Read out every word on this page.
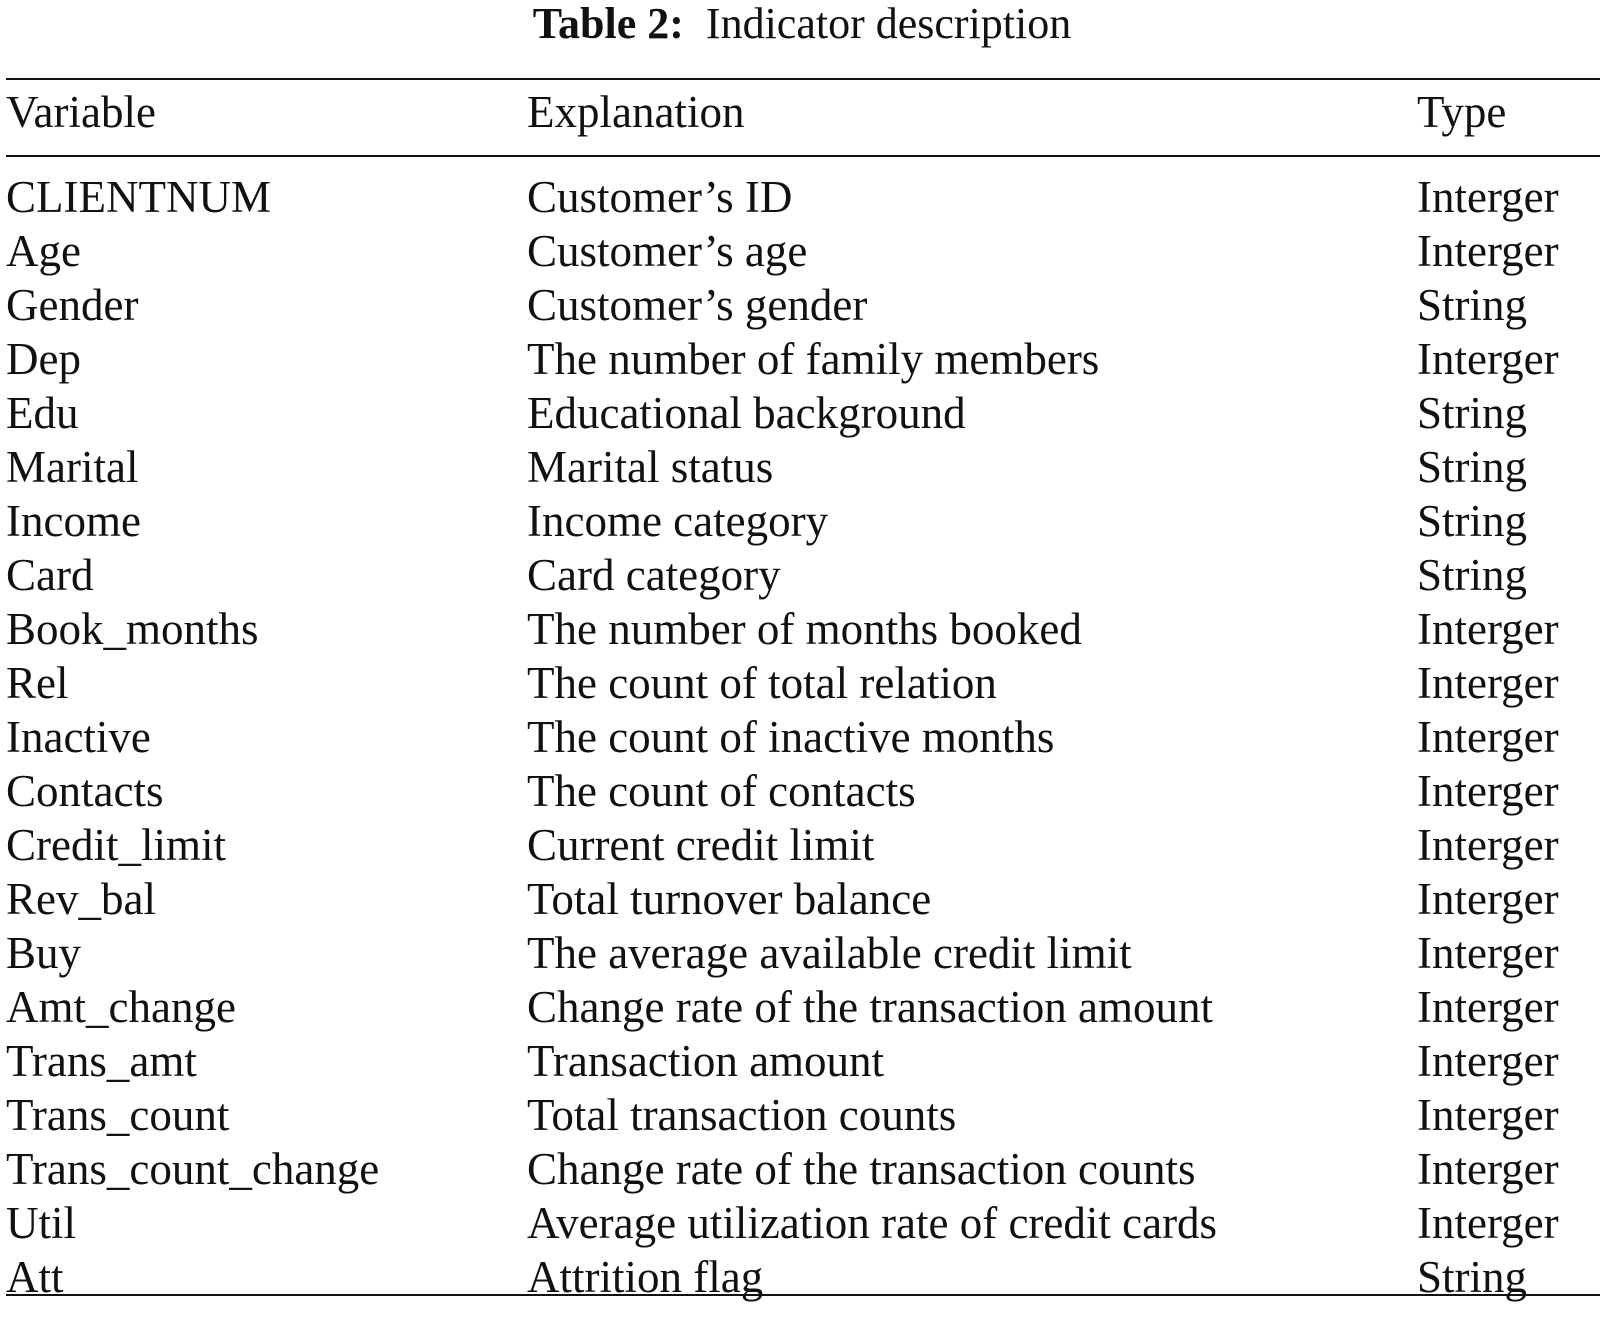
Table 2: Indicator description
Variable	Explanation	Type
CLIENTNUM	Customer’s ID	Interger
Age	Customer’s age	Interger
Gender	Customer’s gender	String
Dep	The number of family members	Interger
Edu	Educational background	String
Marital	Marital status	String
Income	Income category	String
Card	Card category	String
Book_months	The number of months booked	Interger
Rel	The count of total relation	Interger
Inactive	The count of inactive months	Interger
Contacts	The count of contacts	Interger
Credit_limit	Current credit limit	Interger
Rev_bal	Total turnover balance	Interger
Buy	The average available credit limit	Interger
Amt_change	Change rate of the transaction amount	Interger
Trans_amt	Transaction amount	Interger
Trans_count	Total transaction counts	Interger
Trans_count_change	Change rate of the transaction counts	Interger
Util	Average utilization rate of credit cards	Interger
Att	Attrition flag	String
